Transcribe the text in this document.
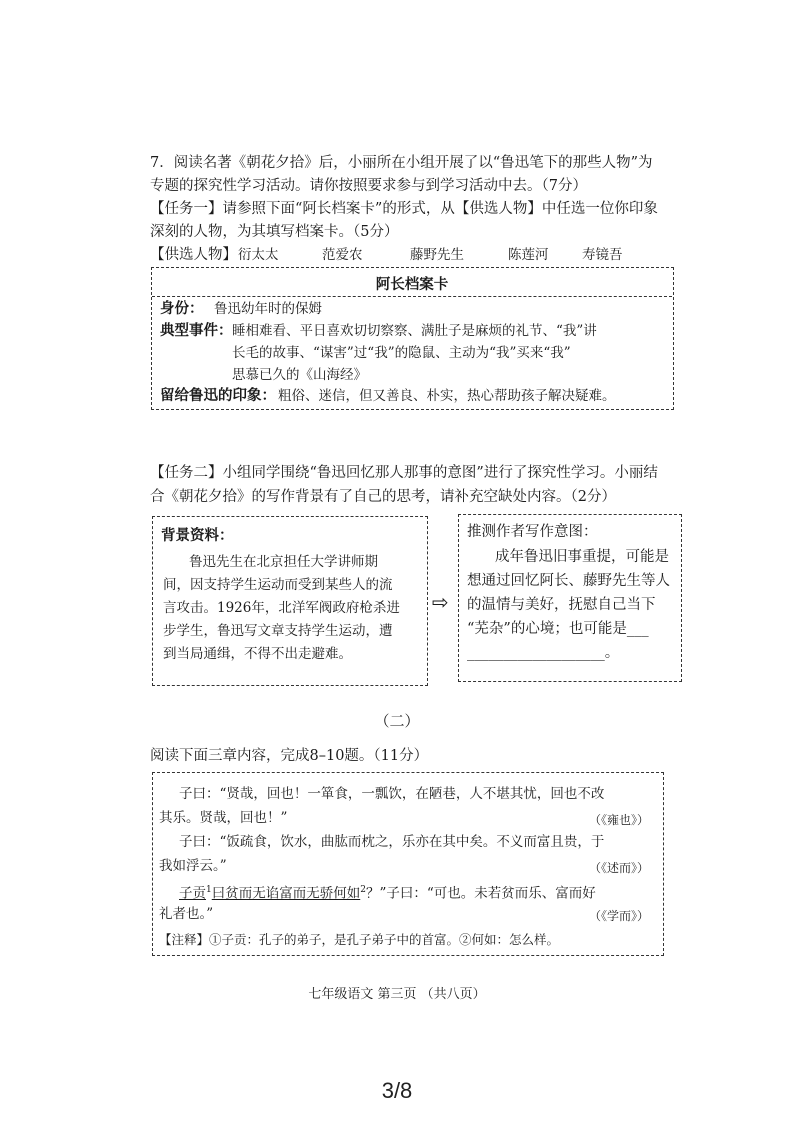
7．阅读名著《朝花夕拾》后，小丽所在小组开展了以“鲁迅笔下的那些人物”为
专题的探究性学习活动。请你按照要求参与到学习活动中去。（7分）
【任务一】请参照下面“阿长档案卡”的形式，从【供选人物】中任选一位你印象
深刻的人物，为其填写档案卡。（5分）
【供选人物】 衍太太	范爱农	藤野先生	陈莲河 寿镜吾
阿长档案卡
身份： 鲁迅幼年时的保姆
典型事件： 睡相难看、平日喜欢切切察察、满肚子是麻烦的礼节、“我”讲
长毛的故事、“谋害”过“我”的隐鼠、主动为“我”买来“我”
思慕已久的《山海经》
留给鲁迅的印象： 粗俗、迷信，但又善良、朴实，热心帮助孩子解决疑难。
【任务二】小组同学围绕“鲁迅回忆那人那事的意图”进行了探究性学习。小丽结
合《朝花夕拾》的写作背景有了自己的思考，请补充空缺处内容。（2分）
背景资料：
鲁迅先生在北京担任大学讲师期
间，因支持学生运动而受到某些人的流
言攻击。1926年，北洋军阀政府枪杀进
步学生，鲁迅写文章支持学生运动，遭
到当局通缉，不得不出走避难。
⇨
推测作者写作意图：
成年鲁迅旧事重提，可能是
想通过回忆阿长、藤野先生等人
的温情与美好，抚慰自己当下
“芜杂”的心境；也可能是___
___________________。
（二）
阅读下面三章内容，完成8–10题。（11分）
子曰：“贤哉，回也！一箪食，一瓢饮，在陋巷，人不堪其忧，回也不改
其乐。贤哉，回也！”	（《雍也》）
子曰：“饭疏食，饮水，曲肱而枕之，乐亦在其中矣。不义而富且贵，于
我如浮云。”	（《述而》）
子贡$^1$曰贫而无谄富而无骄何如$^2$？”子曰：“可也。未若贫而乐、富而好
礼者也。”	（《学而》）
【注释】①子贡：孔子的弟子，是孔子弟子中的首富。②何如：怎么样。
七年级语文 第三页 （共八页）
3/8
